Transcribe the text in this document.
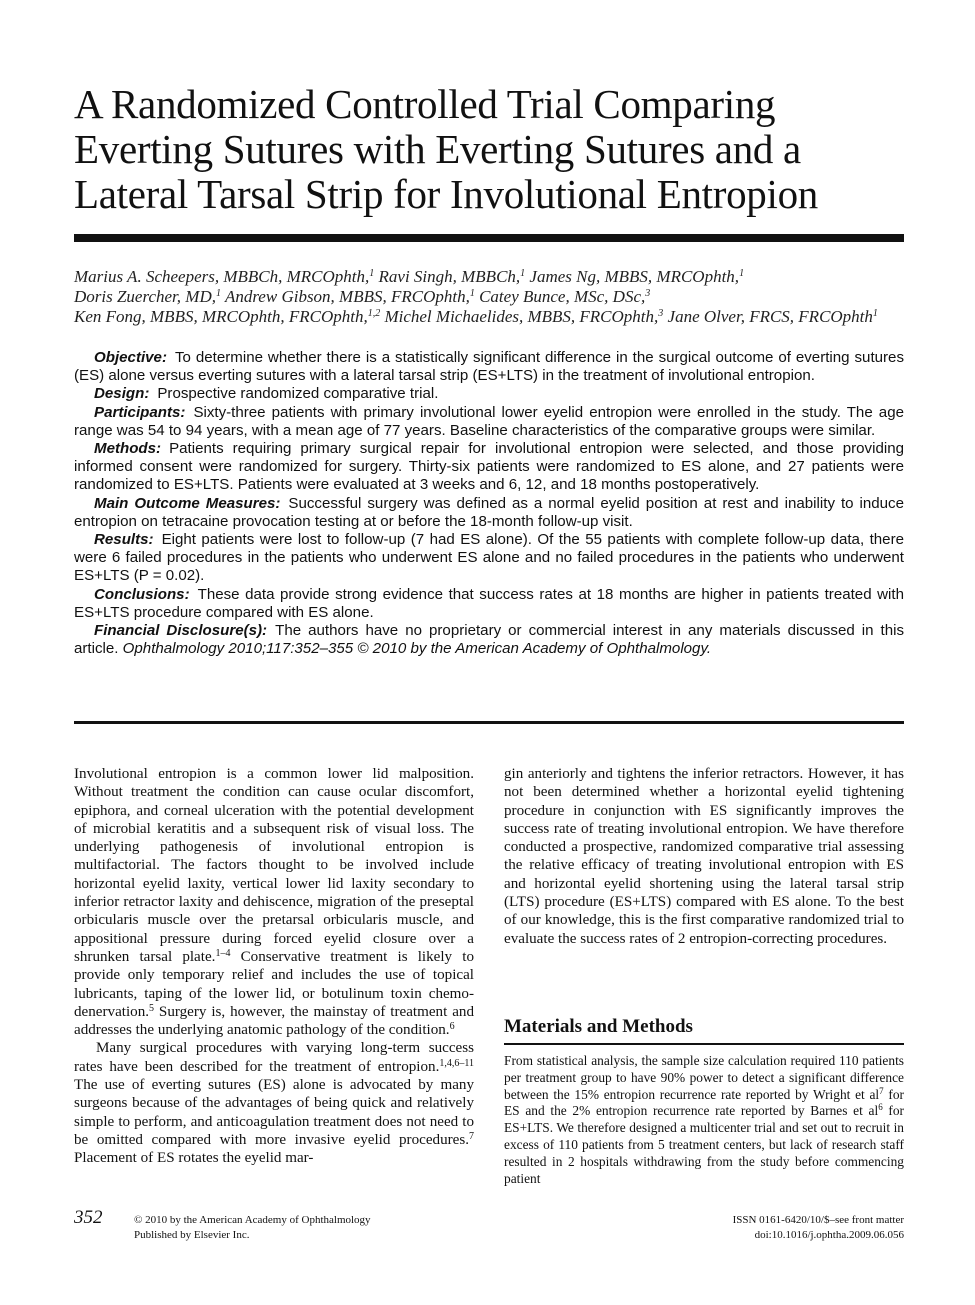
A Randomized Controlled Trial Comparing
Everting Sutures with Everting Sutures and a
Lateral Tarsal Strip for Involutional Entropion
Marius A. Scheepers, MBBCh, MRCOphth,$^1$ Ravi Singh, MBBCh,$^1$ James Ng, MBBS, MRCOphth,$^1$
Doris Zuercher, MD,$^1$ Andrew Gibson, MBBS, FRCOphth,$^1$ Catey Bunce, MSc, DSc,$^3$
Ken Fong, MBBS, MRCOphth, FRCOphth,$^{1,2}$ Michel Michaelides, MBBS, FRCOphth,$^3$ Jane Olver, FRCS, FRCOphth$^1$

Objective: To determine whether there is a statistically significant difference in the surgical outcome of everting sutures (ES) alone versus everting sutures with a lateral tarsal strip (ES+LTS) in the treatment of involutional entropion.

Design: Prospective randomized comparative trial.

Participants: Sixty-three patients with primary involutional lower eyelid entropion were enrolled in the study. The age range was 54 to 94 years, with a mean age of 77 years. Baseline characteristics of the comparative groups were similar.

Methods: Patients requiring primary surgical repair for involutional entropion were selected, and those providing informed consent were randomized for surgery. Thirty-six patients were randomized to ES alone, and 27 patients were randomized to ES+LTS. Patients were evaluated at 3 weeks and 6, 12, and 18 months postoperatively.

Main Outcome Measures: Successful surgery was defined as a normal eyelid position at rest and inability to induce entropion on tetracaine provocation testing at or before the 18-month follow-up visit.

Results: Eight patients were lost to follow-up (7 had ES alone). Of the 55 patients with complete follow-up data, there were 6 failed procedures in the patients who underwent ES alone and no failed procedures in the patients who underwent ES+LTS (P = 0.02).

Conclusions: These data provide strong evidence that success rates at 18 months are higher in patients treated with ES+LTS procedure compared with ES alone.

Financial Disclosure(s): The authors have no proprietary or commercial interest in any materials discussed in this article. Ophthalmology 2010;117:352–355 © 2010 by the American Academy of Ophthalmology.

Involutional entropion is a common lower lid malposition. Without treatment the condition can cause ocular discomfort, epiphora, and corneal ulceration with the potential development of microbial keratitis and a subsequent risk of visual loss. The underlying pathogenesis of involutional entropion is multifactorial. The factors thought to be involved include horizontal eyelid laxity, vertical lower lid laxity secondary to inferior retractor laxity and dehiscence, migration of the preseptal orbicularis muscle over the pretarsal orbicularis muscle, and appositional pressure during forced eyelid closure over a shrunken tarsal plate.$^{1-4}$ Conservative treatment is likely to provide only temporary relief and includes the use of topical lubricants, taping of the lower lid, or botulinum toxin chemo-denervation.$^5$ Surgery is, however, the mainstay of treatment and addresses the underlying anatomic pathology of the condition.$^6$

Many surgical procedures with varying long-term success rates have been described for the treatment of entropion.$^{1,4,6-11}$ The use of everting sutures (ES) alone is advocated by many surgeons because of the advantages of being quick and relatively simple to perform, and anticoagulation treatment does not need to be omitted compared with more invasive eyelid procedures.$^7$ Placement of ES rotates the eyelid mar-

gin anteriorly and tightens the inferior retractors. However, it has not been determined whether a horizontal eyelid tightening procedure in conjunction with ES significantly improves the success rate of treating involutional entropion. We have therefore conducted a prospective, randomized comparative trial assessing the relative efficacy of treating involutional entropion with ES and horizontal eyelid shortening using the lateral tarsal strip (LTS) procedure (ES+LTS) compared with ES alone. To the best of our knowledge, this is the first comparative randomized trial to evaluate the success rates of 2 entropion-correcting procedures.

Materials and Methods

From statistical analysis, the sample size calculation required 110 patients per treatment group to have 90% power to detect a significant difference between the 15% entropion recurrence rate reported by Wright et $al^7$ for ES and the 2% entropion recurrence rate reported by Barnes et $al^6$ for ES+LTS. We therefore designed a multicenter trial and set out to recruit in excess of 110 patients from 5 treatment centers, but lack of research staff resulted in 2 hospitals withdrawing from the study before commencing patient

352	© 2010 by the American Academy of Ophthalmology
Published by Elsevier Inc.
ISSN 0161-6420/10/$–see front matter
doi:10.1016/j.ophtha.2009.06.056
